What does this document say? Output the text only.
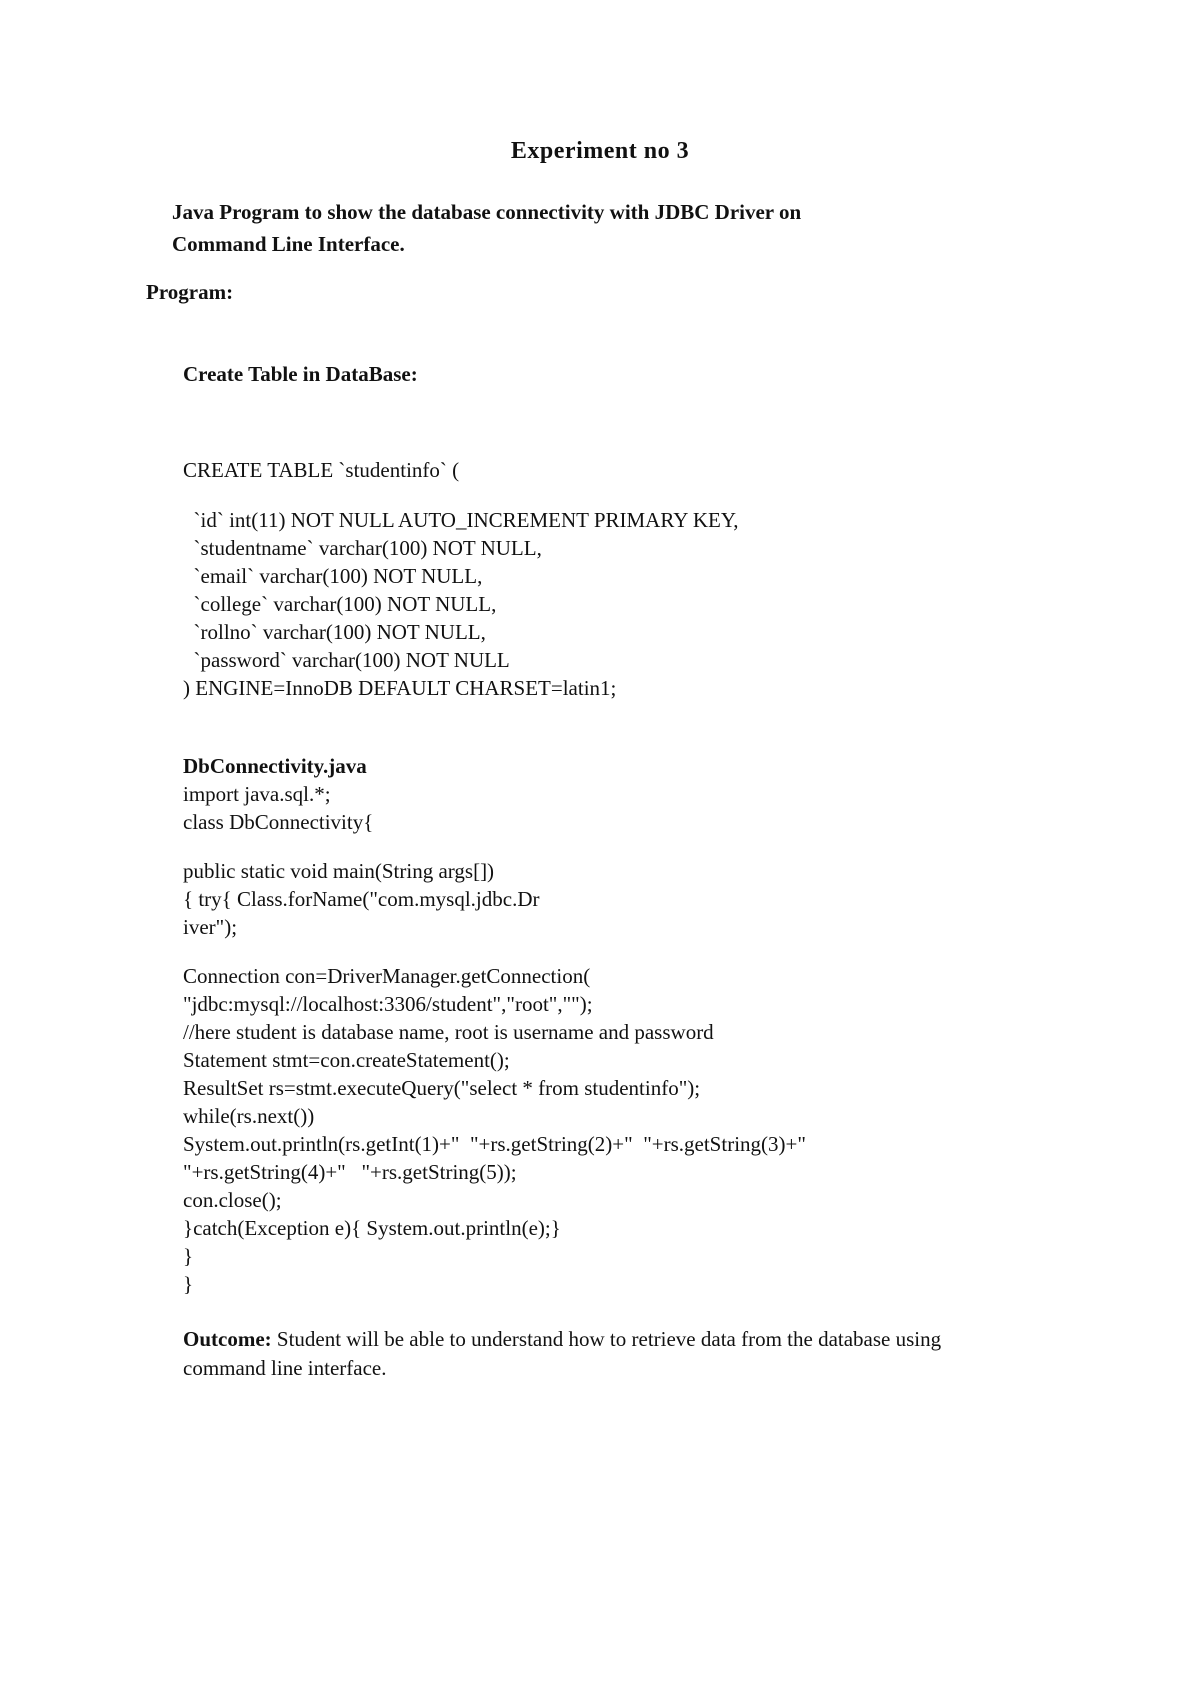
Experiment no 3
Java Program to show the database connectivity with JDBC Driver on
Command Line Interface.
Program:
Create Table in DataBase:
CREATE TABLE `studentinfo` (
`id` int(11) NOT NULL AUTO_INCREMENT PRIMARY KEY,
`studentname` varchar(100) NOT NULL,
`email` varchar(100) NOT NULL,
`college` varchar(100) NOT NULL,
`rollno` varchar(100) NOT NULL,
`password` varchar(100) NOT NULL
) ENGINE=InnoDB DEFAULT CHARSET=latin1;
DbConnectivity.java
import java.sql.*;
class DbConnectivity{
public static void main(String args[])
{ try{ Class.forName("com.mysql.jdbc.Dr
iver");
Connection con=DriverManager.getConnection(
"jdbc:mysql://localhost:3306/student","root","");
//here student is database name, root is username and password
Statement stmt=con.createStatement();
ResultSet rs=stmt.executeQuery("select * from studentinfo");
while(rs.next())
System.out.println(rs.getInt(1)+"  "+rs.getString(2)+"  "+rs.getString(3)+"
"+rs.getString(4)+"   "+rs.getString(5));
con.close();
}catch(Exception e){ System.out.println(e);}
}
}
Outcome: Student will be able to understand how to retrieve data from the database using
command line interface.
